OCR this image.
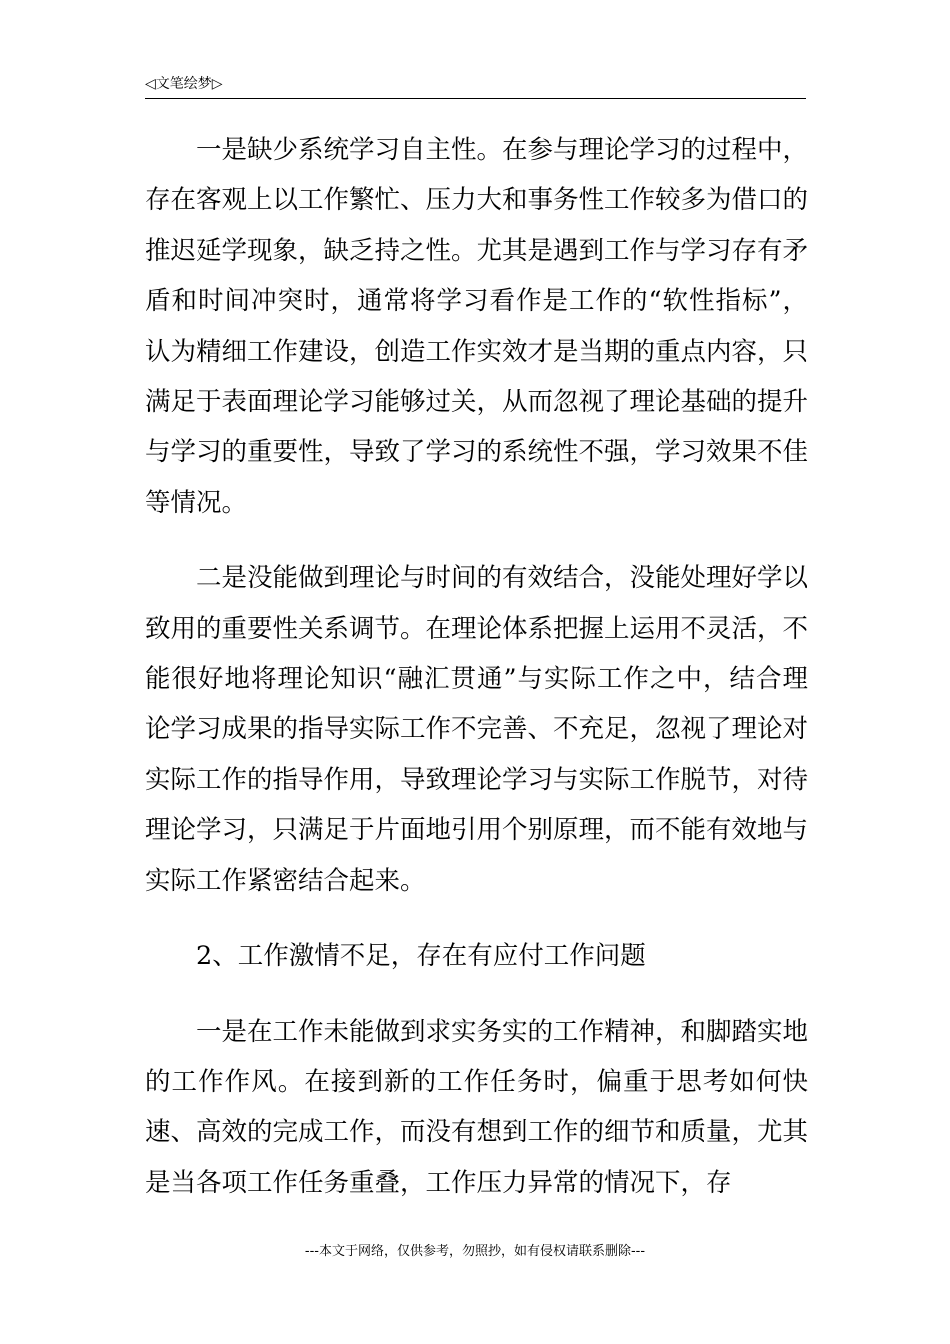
◁文笔绘梦▷

一是缺少系统学习自主性。在参与理论学习的过程中，存在客观上以工作繁忙、压力大和事务性工作较多为借口的推迟延学现象，缺乏持之性。尤其是遇到工作与学习存有矛盾和时间冲突时，通常将学习看作是工作的“软性指标”，认为精细工作建设，创造工作实效才是当期的重点内容，只满足于表面理论学习能够过关，从而忽视了理论基础的提升与学习的重要性，导致了学习的系统性不强，学习效果不佳等情况。

二是没能做到理论与时间的有效结合，没能处理好学以致用的重要性关系调节。在理论体系把握上运用不灵活，不能很好地将理论知识“融汇贯通”与实际工作之中，结合理论学习成果的指导实际工作不完善、不充足，忽视了理论对实际工作的指导作用，导致理论学习与实际工作脱节，对待理论学习，只满足于片面地引用个别原理，而不能有效地与实际工作紧密结合起来。

2、工作激情不足，存在有应付工作问题

一是在工作未能做到求实务实的工作精神，和脚踏实地的工作作风。在接到新的工作任务时，偏重于思考如何快速、高效的完成工作，而没有想到工作的细节和质量，尤其是当各项工作任务重叠，工作压力异常的情况下，存

---本文于网络，仅供参考，勿照抄，如有侵权请联系删除---
